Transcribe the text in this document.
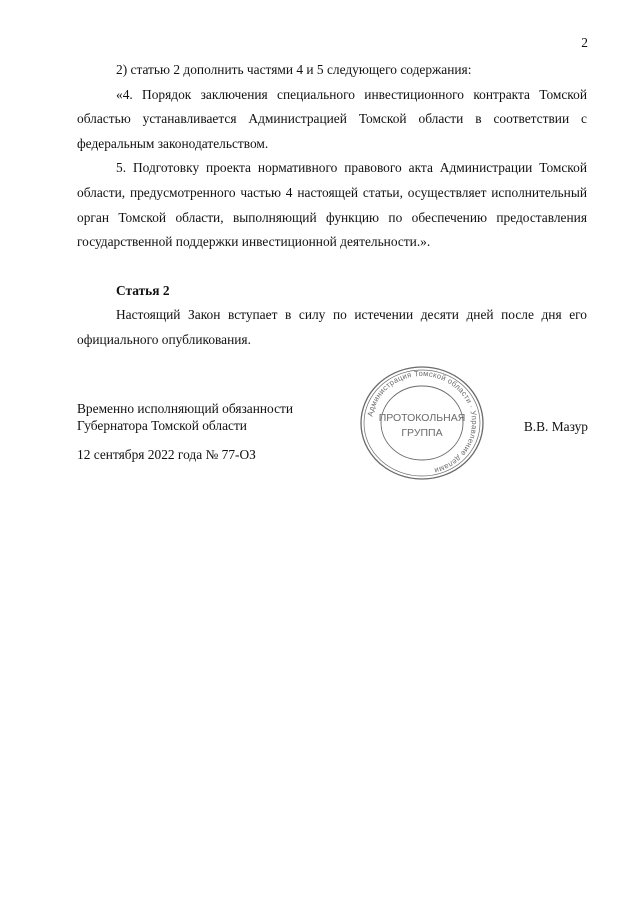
2

2) статью 2 дополнить частями 4 и 5 следующего содержания:

«4. Порядок заключения специального инвестиционного контракта Томской областью устанавливается Администрацией Томской области в соответствии с федеральным законодательством.

5. Подготовку проекта нормативного правового акта Администрации Томской области, предусмотренного частью 4 настоящей статьи, осуществляет исполнительный орган Томской области, выполняющий функцию по обеспечению предоставления государственной поддержки инвестиционной деятельности.».

Статья 2

Настоящий Закон вступает в силу по истечении десяти дней после дня его официального опубликования.

Временно исполняющий обязанности
Губернатора Томской области	В.В. Мазур
12 сентября 2022 года № 77-ОЗ
Администрация Томской области · Управление делами
ПРОТОКОЛЬНАЯ
ГРУППА
